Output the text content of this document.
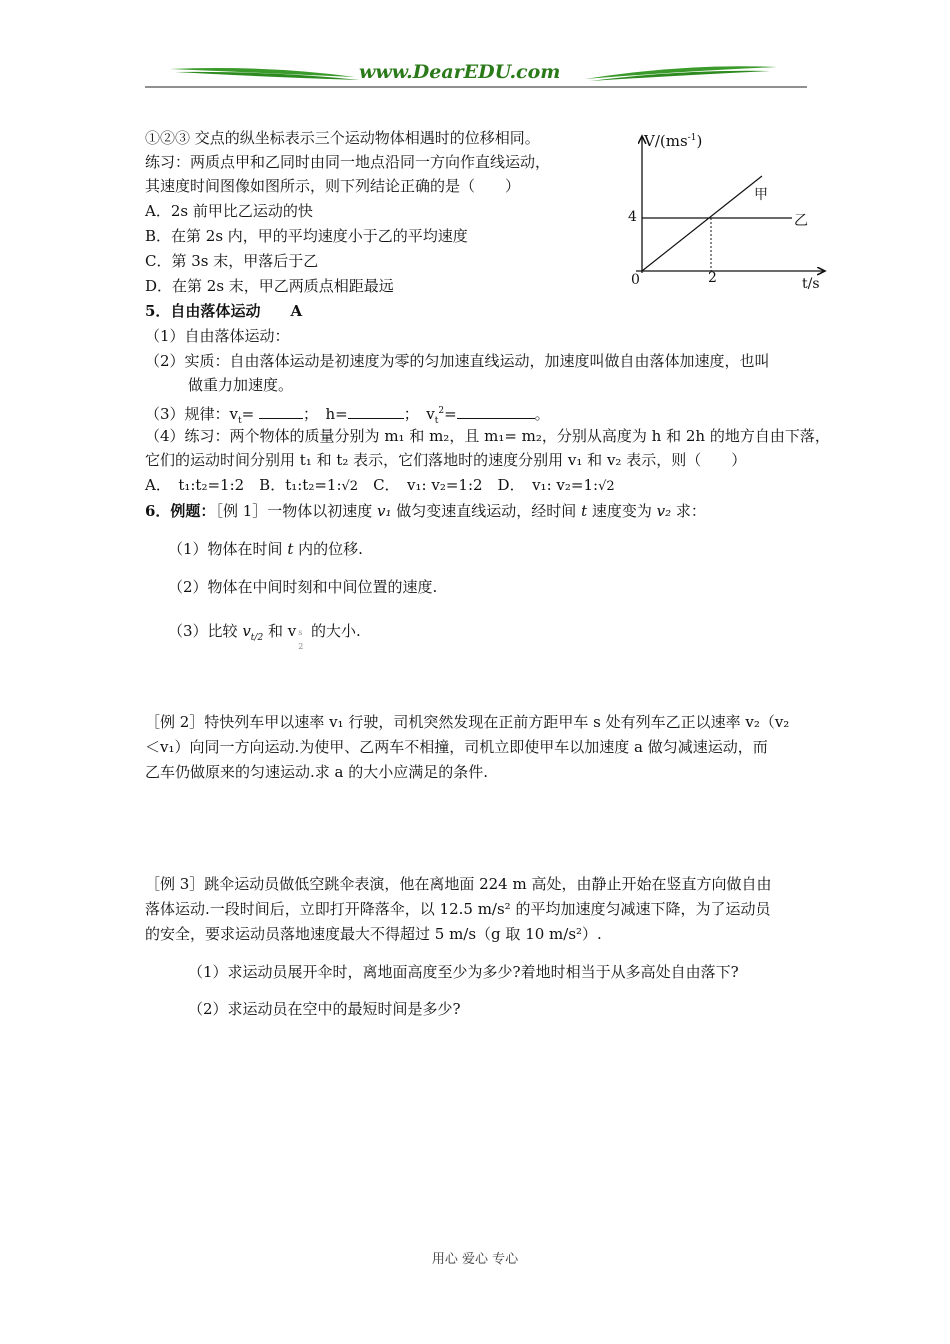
www.DearEDU.com
①②③ 交点的纵坐标表示三个运动物体相遇时的位移相同。
练习：两质点甲和乙同时由同一地点沿同一方向作直线运动，
其速度时间图像如图所示，则下列结论正确的是（　　）
A．2s 前甲比乙运动的快
B．在第 2s 内，甲的平均速度小于乙的平均速度
C．第 3s 末，甲落后于乙
D．在第 2s 末，甲乙两质点相距最远
$V/(ms^{-1})$
4
0	2	t/s
甲
乙
5．自由落体运动　　A
（1）自由落体运动：
（2）实质：自由落体运动是初速度为零的匀加速直线运动，加速度叫做自由落体加速度，也叫
做重力加速度。
（3）规律：$v_t=$	；　h=	；　$v_t^2=$	。
（4）练习：两个物体的质量分别为 m₁ 和 m₂，且 m₁= m₂，分别从高度为 h 和 2h 的地方自由下落，
它们的运动时间分别用 t₁ 和 t₂ 表示，它们落地时的速度分别用 v₁ 和 v₂ 表示，则（　　）
A．　t₁:t₂=1:2　B．t₁:t₂=1:√2　C．　v₁: v₂=1:2　D．　v₁: v₂=1:√2
6．例题：［例 1］一物体以初速度 v₁ 做匀变速直线运动，经时间 t 速度变为 v₂ 求：
（1）物体在时间 t 内的位移.
（2）物体在中间时刻和中间位置的速度.
（3）比较 $v_{t/2}$ 和 v s
2
的大小.
［例 2］特快列车甲以速率 v₁ 行驶，司机突然发现在正前方距甲车 s 处有列车乙正以速率 v₂（v₂
＜v₁）向同一方向运动.为使甲、乙两车不相撞，司机立即使甲车以加速度 a 做匀减速运动，而
乙车仍做原来的匀速运动.求 a 的大小应满足的条件.
［例 3］跳伞运动员做低空跳伞表演，他在离地面 224 m 高处，由静止开始在竖直方向做自由
落体运动.一段时间后，立即打开降落伞，以 12.5 m/s² 的平均加速度匀减速下降，为了运动员
的安全，要求运动员落地速度最大不得超过 5 m/s（g 取 10 m/s²）.
（1）求运动员展开伞时，离地面高度至少为多少?着地时相当于从多高处自由落下?
（2）求运动员在空中的最短时间是多少?
用心 爱心 专心
